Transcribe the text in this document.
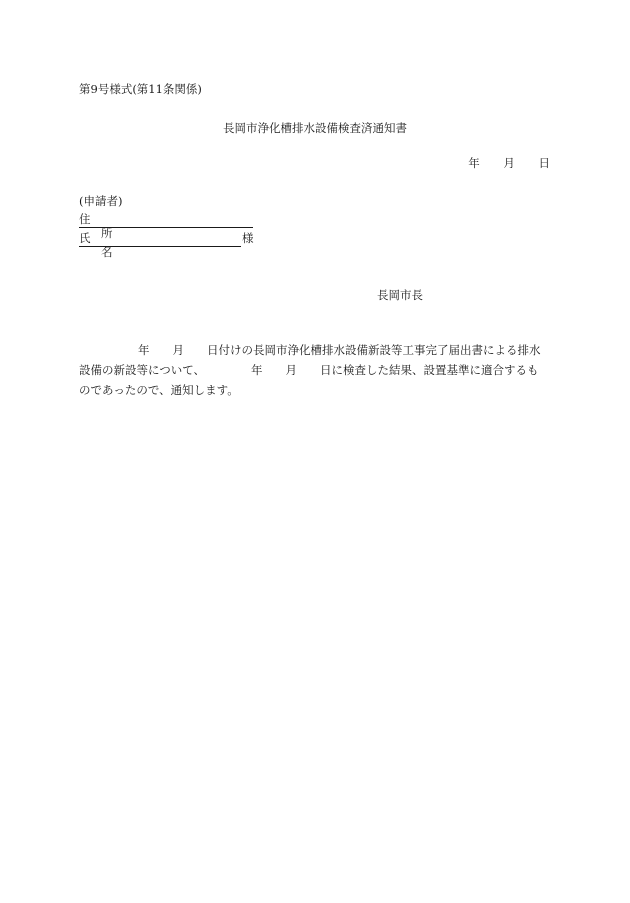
第9号様式(第11条関係)
長岡市浄化槽排水設備検査済通知書
年 月 日
(申請者)
住所
氏名
様
長岡市長
年 月 日付けの長岡市浄化槽排水設備新設等工事完了届出書による排水
設備の新設等について、	年 月 日に検査した結果、設置基準に適合するも
のであったので、通知します。
